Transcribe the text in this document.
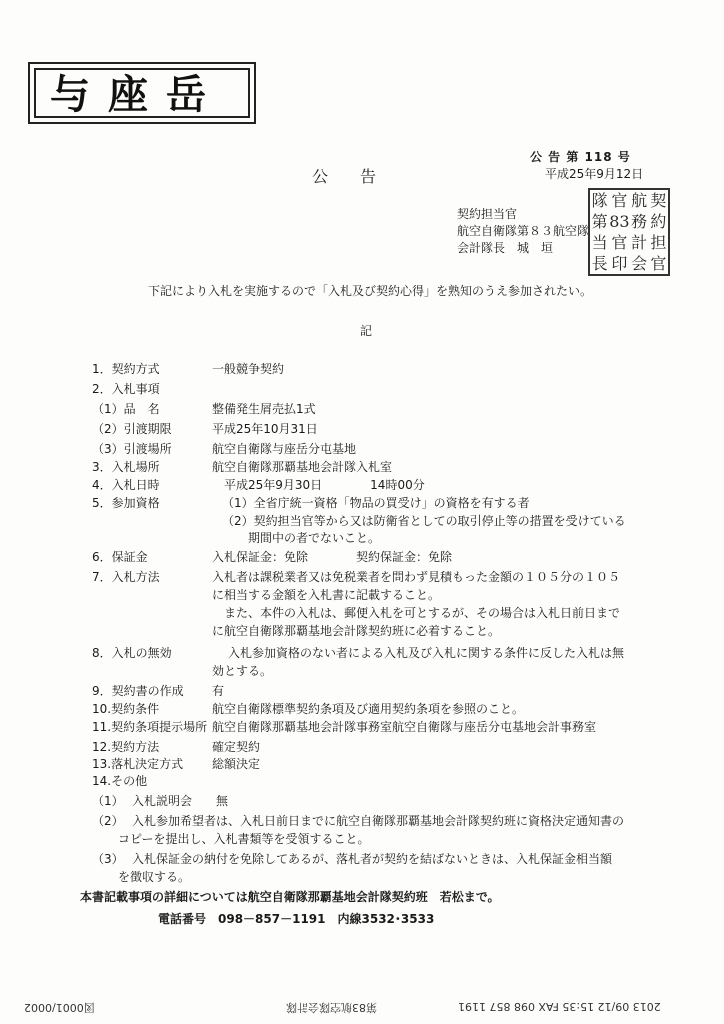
与座岳
公 告 第 118 号
公　　告	平成25年9月12日
契約担当官
航空自衛隊第８３航空隊
会計隊長　城　垣
隊 官 航 契
第 83 務 約
当 官 計 担
長 印 会 官
下記により入札を実施するので「入札及び契約心得」を熟知のうえ参加されたい。
記
1．契約方式	一般競争契約
2．入札事項
（1）品　名	整備発生屑売払1式
（2）引渡期限	平成25年10月31日
（3）引渡場所	航空自衛隊与座岳分屯基地
3．入札場所	航空自衛隊那覇基地会計隊入札室
4．入札日時	　平成25年9月30日　　　　14時00分
5．参加資格	（1）全省庁統一資格「物品の買受け」の資格を有する者
（2）契約担当官等から又は防衛省としての取引停止等の措置を受けている
期間中の者でないこと。
6．保証金	入札保証金：免除　　　　契約保証金：免除
7．入札方法	入札者は課税業者又は免税業者を問わず見積もった金額の１０５分の１０５
に相当する金額を入札書に記載すること。
　また、本件の入札は、郵便入札を可とするが、その場合は入札日前日まで
に航空自衛隊那覇基地会計隊契約班に必着すること。
8．入札の無効	入札参加資格のない者による入札及び入札に関する条件に反した入札は無
効とする。
9．契約書の作成 有
10.契約条件	航空自衛隊標準契約条項及び適用契約条項を参照のこと。
11.契約条項提示場所 航空自衛隊那覇基地会計隊事務室航空自衛隊与座岳分屯基地会計事務室
12.契約方法	確定契約
13.落札決定方式 総額決定
14.その他
（1） 入札説明会　　無
（2） 入札参加希望者は、入札日前日までに航空自衛隊那覇基地会計隊契約班に資格決定通知書の
コピーを提出し、入札書類等を受領すること。
（3） 入札保証金の納付を免除してあるが、落札者が契約を結ばないときは、入札保証金相当額
を徴収する。
本書記載事項の詳細については航空自衛隊那覇基地会計隊契約班　若松まで。
電話番号　098－857－1191　内線3532･3533
2013 09/12 15:35 FAX 098 857 1191
第83航空隊会計隊
図0001/0002
